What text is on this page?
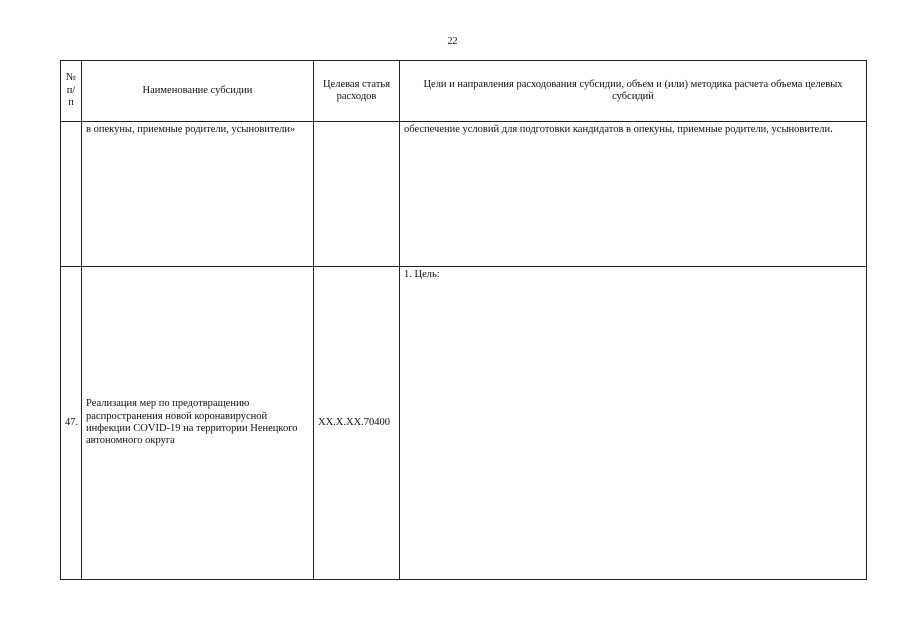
22
№ п/п	Наименование субсидии	Целевая статья расходов	Цели и направления расходования субсидии, объем и (или) методика расчета объема целевых субсидий
	в опекуны, приемные родители, усыновители»		обеспечение условий для подготовки кандидатов в опекуны, приемные родители, усыновители.

47.	Реализация мер по предотвращению распространения новой коронавирусной инфекции COVID-19 на территории Ненецкого автономного округа	ХХ.Х.ХХ.70400	1. Цель:
